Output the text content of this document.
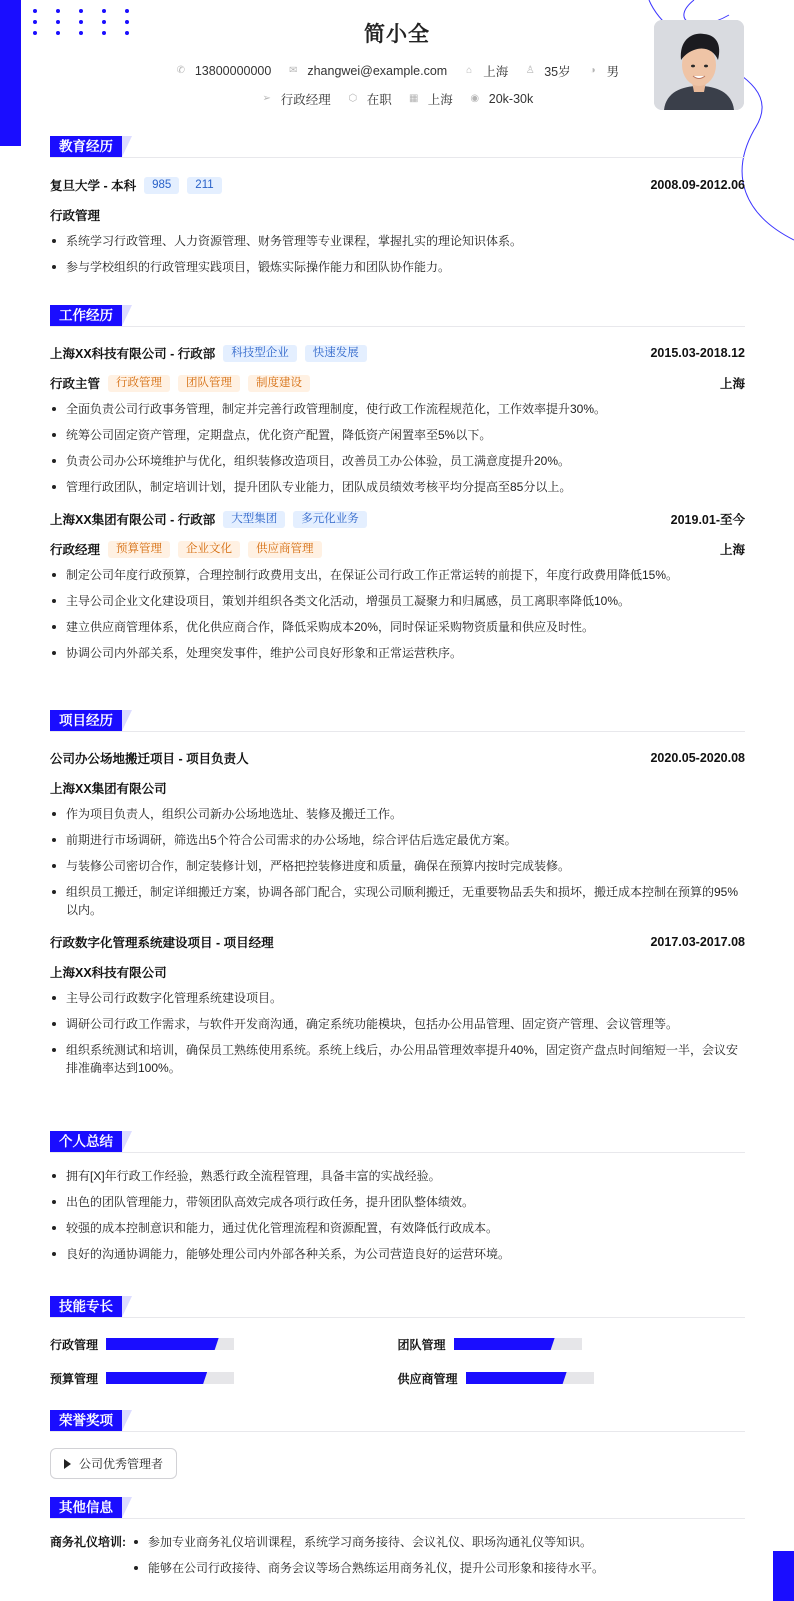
简小全
✆ 13800000000 ✉ zhangwei@example.com ⌂ 上海 ♙ 35岁 ◑ 男
➢ 行政经理 ⬡ 在职 ▦ 上海 ◉ 20k-30k
教育经历
复旦大学 - 本科	985	211	2008.09-2012.06
行政管理
系统学习行政管理、人力资源管理、财务管理等专业课程，掌握扎实的理论知识体系。
参与学校组织的行政管理实践项目，锻炼实际操作能力和团队协作能力。
工作经历
上海XX科技有限公司 - 行政部	科技型企业	快速发展	2015.03-2018.12
行政主管	行政管理	团队管理	制度建设	上海
全面负责公司行政事务管理，制定并完善行政管理制度，使行政工作流程规范化，工作效率提升30%。
统筹公司固定资产管理，定期盘点，优化资产配置，降低资产闲置率至5%以下。
负责公司办公环境维护与优化，组织装修改造项目，改善员工办公体验，员工满意度提升20%。
管理行政团队，制定培训计划，提升团队专业能力，团队成员绩效考核平均分提高至85分以上。
上海XX集团有限公司 - 行政部	大型集团	多元化业务	2019.01-至今
行政经理	预算管理	企业文化	供应商管理	上海
制定公司年度行政预算，合理控制行政费用支出，在保证公司行政工作正常运转的前提下，年度行政费用降低15%。
主导公司企业文化建设项目，策划并组织各类文化活动，增强员工凝聚力和归属感，员工离职率降低10%。
建立供应商管理体系，优化供应商合作，降低采购成本20%，同时保证采购物资质量和供应及时性。
协调公司内外部关系，处理突发事件，维护公司良好形象和正常运营秩序。
项目经历
公司办公场地搬迁项目 - 项目负责人	2020.05-2020.08
上海XX集团有限公司
作为项目负责人，组织公司新办公场地选址、装修及搬迁工作。
前期进行市场调研，筛选出5个符合公司需求的办公场地，综合评估后选定最优方案。
与装修公司密切合作，制定装修计划，严格把控装修进度和质量，确保在预算内按时完成装修。
组织员工搬迁，制定详细搬迁方案，协调各部门配合，实现公司顺利搬迁，无重要物品丢失和损坏，搬迁成本控制在预算的95%以内。
行政数字化管理系统建设项目 - 项目经理	2017.03-2017.08
上海XX科技有限公司
主导公司行政数字化管理系统建设项目。
调研公司行政工作需求，与软件开发商沟通，确定系统功能模块，包括办公用品管理、固定资产管理、会议管理等。
组织系统测试和培训，确保员工熟练使用系统。系统上线后，办公用品管理效率提升40%，固定资产盘点时间缩短一半，会议安排准确率达到100%。
个人总结
拥有[X]年行政工作经验，熟悉行政全流程管理，具备丰富的实战经验。
出色的团队管理能力，带领团队高效完成各项行政任务，提升团队整体绩效。
较强的成本控制意识和能力，通过优化管理流程和资源配置，有效降低行政成本。
良好的沟通协调能力，能够处理公司内外部各种关系，为公司营造良好的运营环境。
技能专长
行政管理	团队管理
预算管理	供应商管理
荣誉奖项
公司优秀管理者
其他信息
商务礼仪培训:	参加专业商务礼仪培训课程，系统学习商务接待、会议礼仪、职场沟通礼仪等知识。
能够在公司行政接待、商务会议等场合熟练运用商务礼仪，提升公司形象和接待水平。
